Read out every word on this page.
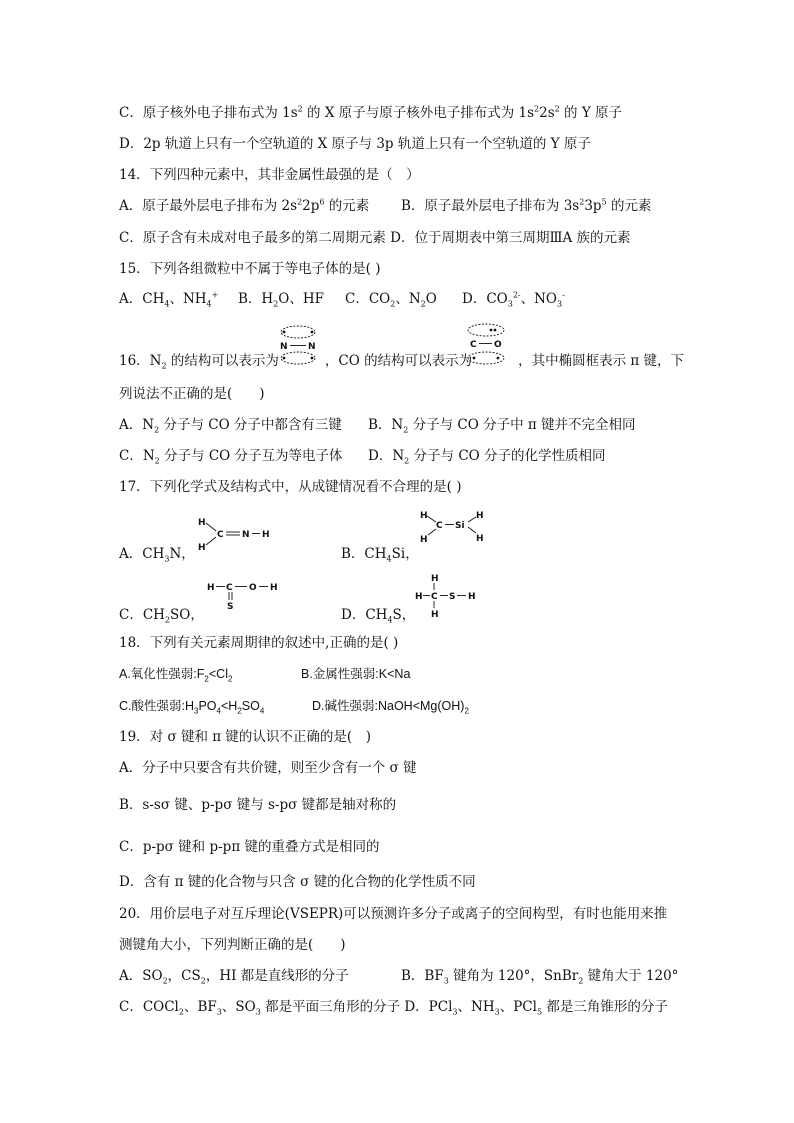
C．原子核外电子排布式为 $1s^2$ 的 X 原子与原子核外电子排布式为 $1s^22s^2$ 的 Y 原子
D．2p 轨道上只有一个空轨道的 X 原子与 3p 轨道上只有一个空轨道的 Y 原子
14．下列四种元素中，其非金属性最强的是（　）
A．原子最外层电子排布为 $2s^22p^6$ 的元素 B．原子最外层电子排布为 $3s^23p^5$ 的元素
C．原子含有未成对电子最多的第二周期元素 D．位于周期表中第三周期ⅢA 族的元素
15．下列各组微粒中不属于等电子体的是( )
A．$CH_4$、$NH_4^+$ B．$H_2O$、HF C．$CO_2$、$N_2O$ D．$CO_3^{2-}$、$NO_3^-$
16．$N_2$ 的结构可以表示为	，CO 的结构可以表示为	，其中椭圆框表示 π 键，下
N N	C O
列说法不正确的是(　　)
A．$N_2$ 分子与 CO 分子中都含有三键 B．$N_2$ 分子与 CO 分子中 π 键并不完全相同
C．$N_2$ 分子与 CO 分子互为等电子体 D．$N_2$ 分子与 CO 分子的化学性质相同
17．下列化学式及结构式中，从成键情况看不合理的是( )
H
H
C N H
A．$CH_3N$，
H
C Si
H
H
H
B．$CH_4Si$，
H C O H
S
C．$CH_2SO$，
H
H C S H
H
D．$CH_4S$，
18．下列有关元素周期律的叙述中,正确的是( )
A.氧化性强弱$:F_2<Cl_2$	B.金属性强弱:K<Na
C.酸性强弱$:H_3PO_4<H_2SO_4$	D.碱性强弱$:NaOH<Mg(OH)_2$
19．对 σ 键和 π 键的认识不正确的是(　)
A．分子中只要含有共价键，则至少含有一个 σ 键
B．s-sσ 键、p-pσ 键与 s-pσ 键都是轴对称的
C．p-pσ 键和 p-pπ 键的重叠方式是相同的
D．含有 π 键的化合物与只含 σ 键的化合物的化学性质不同
20．用价层电子对互斥理论(VSEPR)可以预测许多分子或离子的空间构型，有时也能用来推
测键角大小，下列判断正确的是(　　)
A．$SO_2$，$CS_2$，HI 都是直线形的分子	B．$BF_3$ 键角为 120°，SnBr$_2$ 键角大于 120°
C．COCl$_2$、$BF_3$、$SO_3$ 都是平面三角形的分子 D．PCl$_3$、$NH_3$、PCl$_5$ 都是三角锥形的分子
